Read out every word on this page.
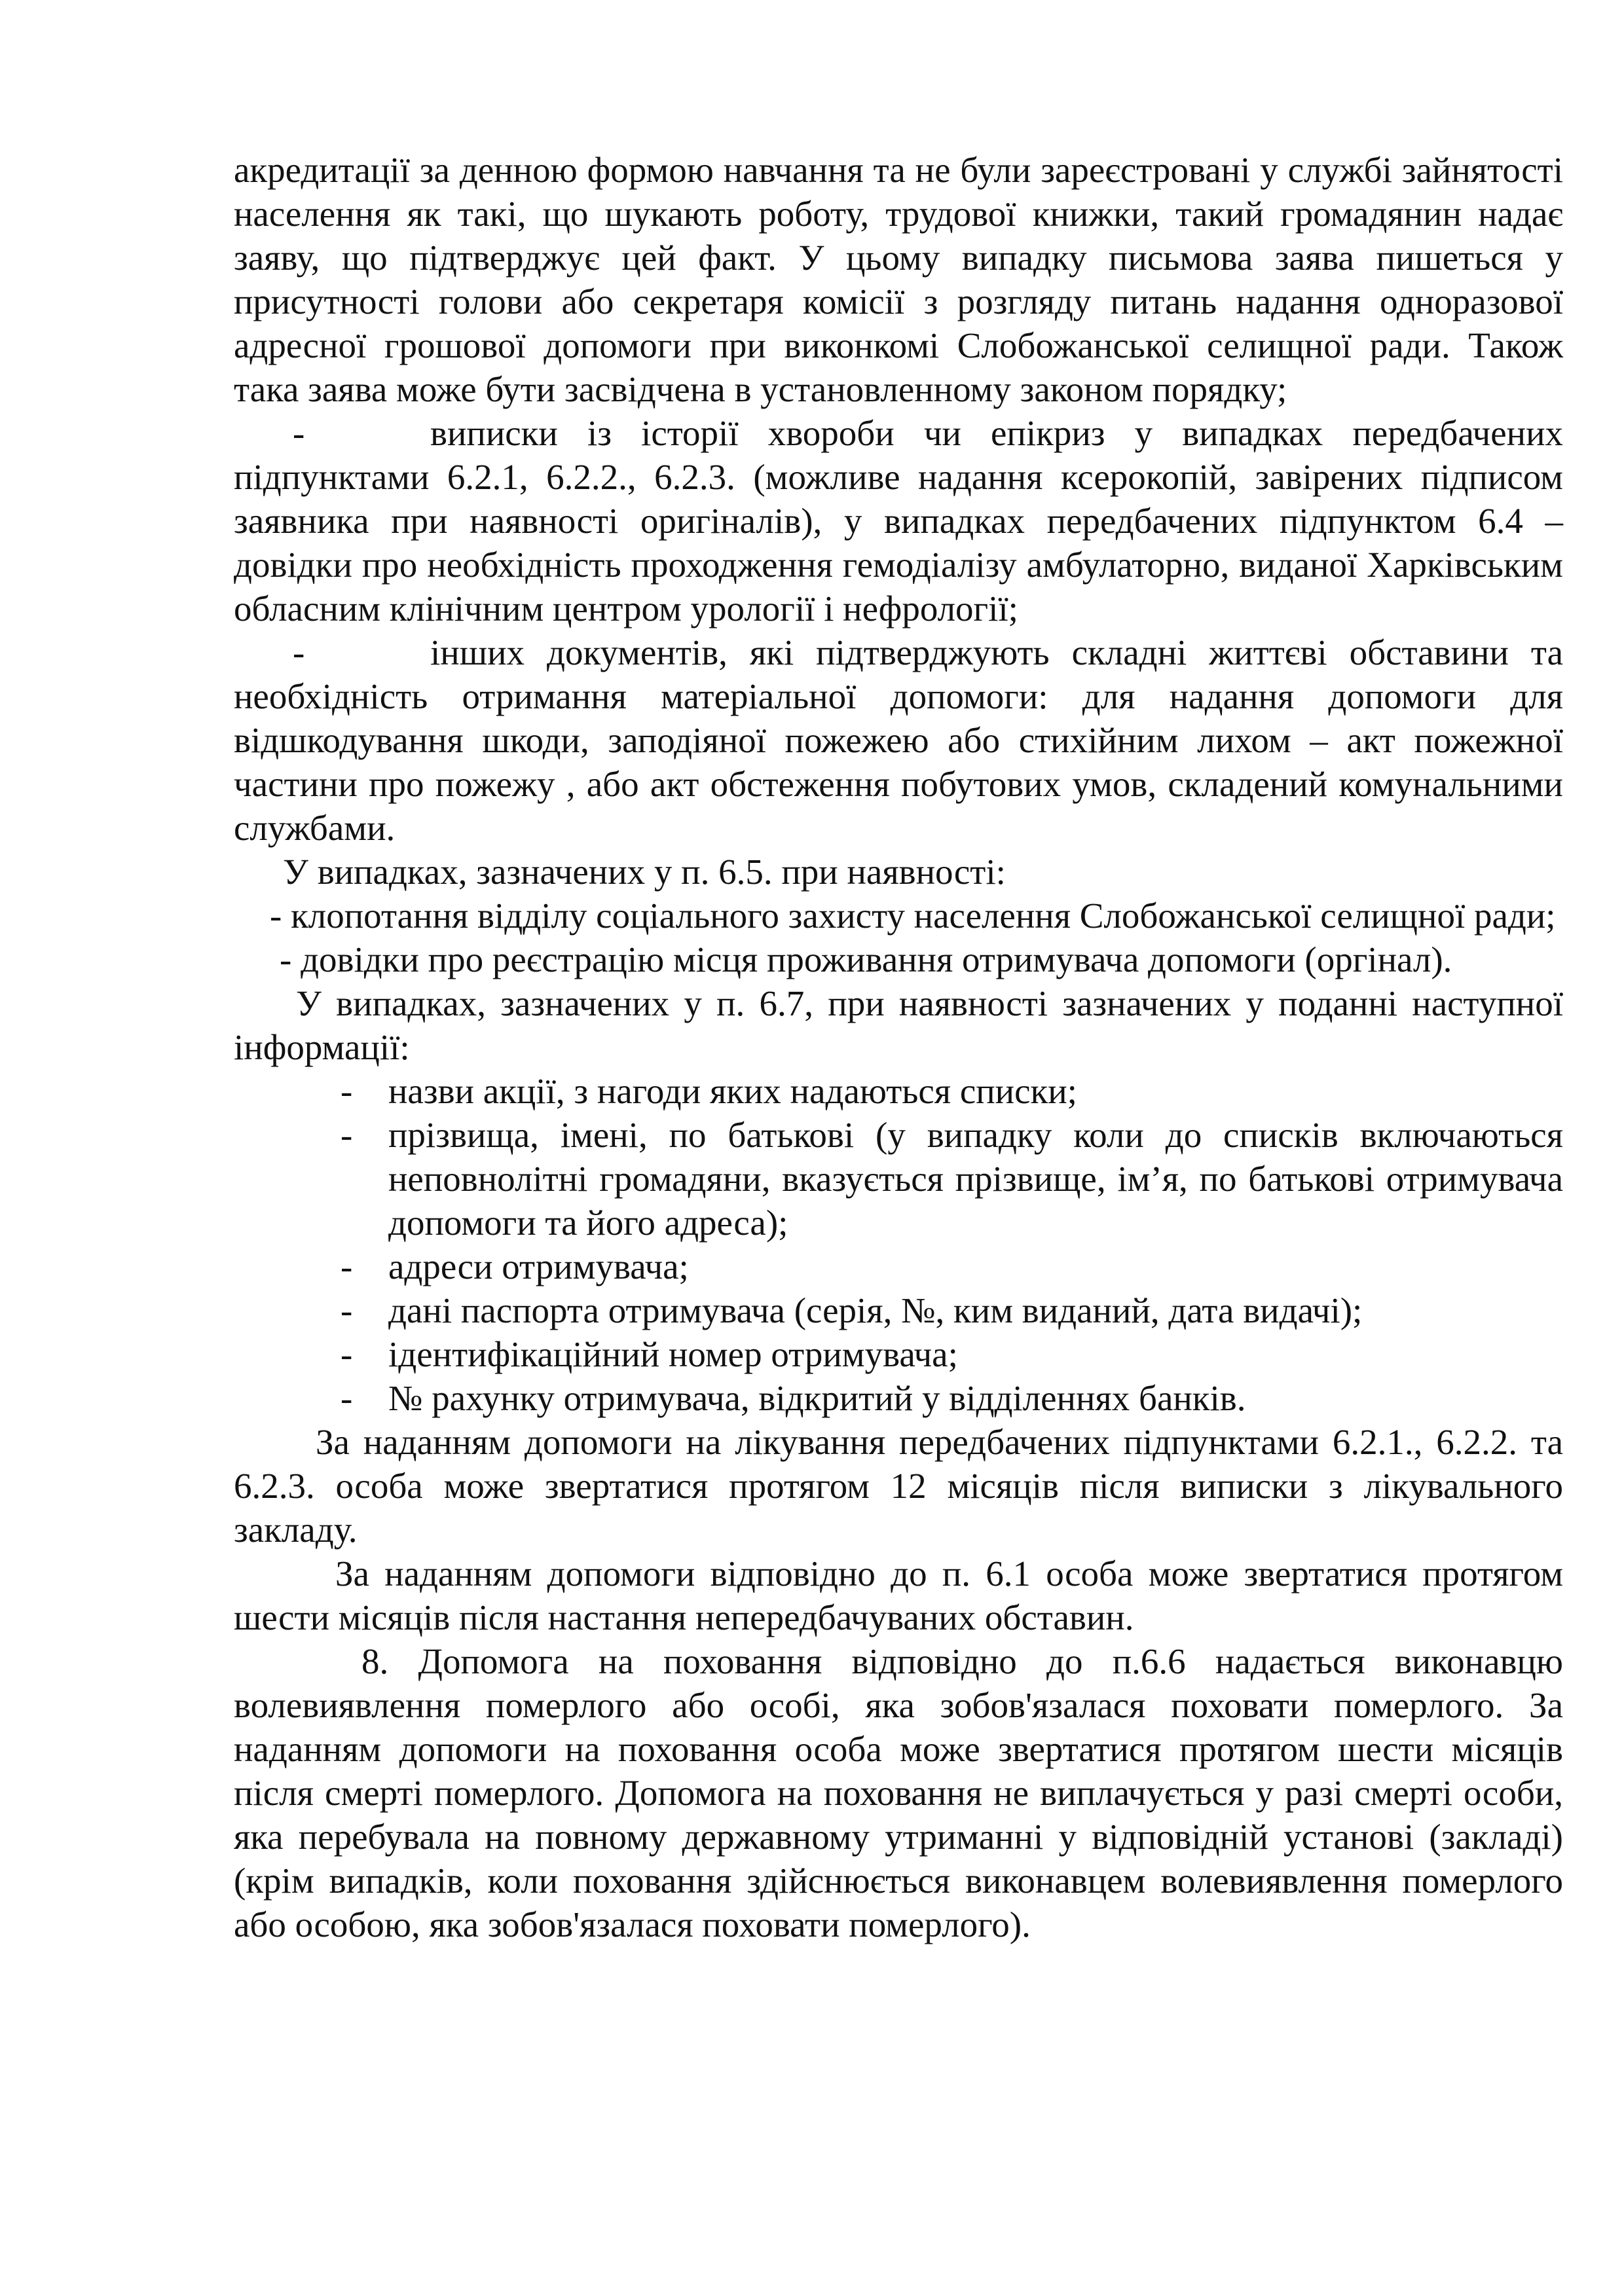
акредитації за денною формою навчання та не були зареєстровані у службі зайнятості населення як такі, що шукають роботу, трудової книжки, такий громадянин надає заяву, що підтверджує цей факт. У цьому випадку письмова заява пишеться у присутності голови або секретаря комісії з розгляду питань надання одноразової адресної грошової допомоги при виконкомі Слобожанської селищної ради. Також така заява може бути засвідчена в установленному законом порядку;

-	виписки із історії хвороби чи епікриз у випадках передбачених підпунктами 6.2.1, 6.2.2., 6.2.3. (можливе надання ксерокопій, завірених підписом заявника при наявності оригіналів), у випадках передбачених підпунктом 6.4 – довідки про необхідність проходження гемодіалізу амбулаторно, виданої Харківським обласним клінічним центром урології і нефрології;

-	інших документів, які підтверджують складні життєві обставини та необхідність отримання матеріальної допомоги: для надання допомоги для відшкодування шкоди, заподіяної пожежею або стихійним лихом – акт пожежної частини про пожежу , або акт обстеження побутових умов, складений комунальними службами.

У випадках, зазначених у п. 6.5. при наявності:

- клопотання відділу соціального захисту населення Слобожанської селищної ради;

- довідки про реєстрацію місця проживання отримувача допомоги (оргінал).

У випадках, зазначених у п. 6.7, при наявності зазначених у поданні наступної інформації:

- назви акції, з нагоди яких надаються списки;
- прізвища, імені, по батькові (у випадку коли до списків включаються неповнолітні громадяни, вказується прізвище, ім’я, по батькові отримувача допомоги та його адреса);
- адреси отримувача;
- дані паспорта отримувача (серія, №, ким виданий, дата видачі);
- ідентифікаційний номер отримувача;
- № рахунку отримувача, відкритий у відділеннях банків.

За наданням допомоги на лікування передбачених підпунктами 6.2.1., 6.2.2. та 6.2.3. особа може звертатися протягом 12 місяців після виписки з лікувального закладу.

За наданням допомоги відповідно до п. 6.1 особа може звертатися протягом шести місяців після настання непередбачуваних обставин.

8. Допомога на поховання відповідно до п.6.6 надається виконавцю волевиявлення померлого або особі, яка зобов'язалася поховати померлого. За наданням допомоги на поховання особа може звертатися протягом шести місяців після смерті померлого. Допомога на поховання не виплачується у разі смерті особи, яка перебувала на повному державному утриманні у відповідній установі (закладі) (крім випадків, коли поховання здійснюється виконавцем волевиявлення померлого або особою, яка зобов'язалася поховати померлого).
